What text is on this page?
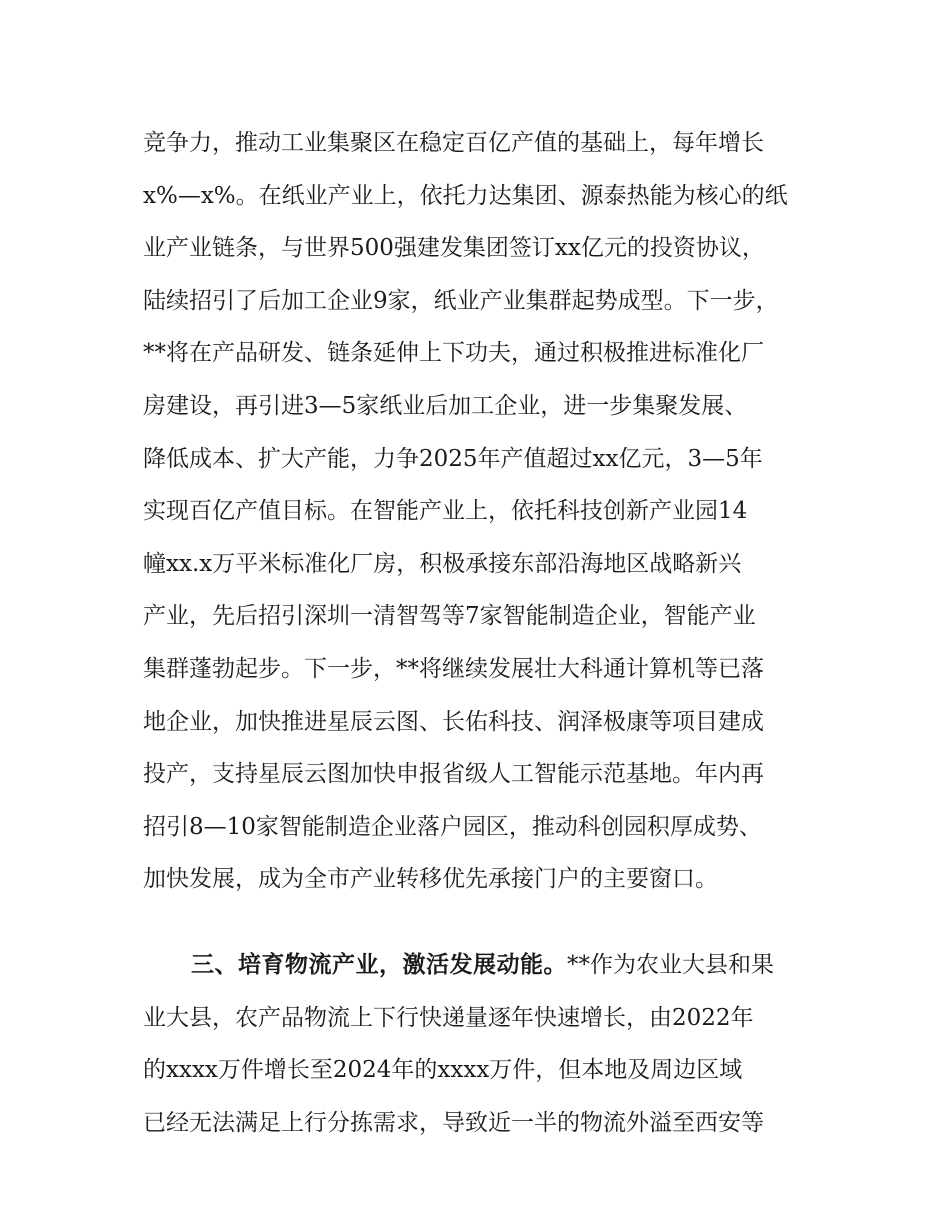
竞争力，推动工业集聚区在稳定百亿产值的基础上，每年增长
x%—x%。在纸业产业上，依托力达集团、源泰热能为核心的纸
业产业链条，与世界500强建发集团签订xx亿元的投资协议，
陆续招引了后加工企业9家，纸业产业集群起势成型。下一步，
**将在产品研发、链条延伸上下功夫，通过积极推进标准化厂
房建设，再引进3—5家纸业后加工企业，进一步集聚发展、
降低成本、扩大产能，力争2025年产值超过xx亿元，3—5年
实现百亿产值目标。在智能产业上，依托科技创新产业园14
幢xx.x万平米标准化厂房，积极承接东部沿海地区战略新兴
产业，先后招引深圳一清智驾等7家智能制造企业，智能产业
集群蓬勃起步。下一步，**将继续发展壮大科通计算机等已落
地企业，加快推进星辰云图、长佑科技、润泽极康等项目建成
投产，支持星辰云图加快申报省级人工智能示范基地。年内再
招引8—10家智能制造企业落户园区，推动科创园积厚成势、
加快发展，成为全市产业转移优先承接门户的主要窗口。
三、培育物流产业，激活发展动能。**作为农业大县和果
业大县，农产品物流上下行快递量逐年快速增长，由2022年
的xxxx万件增长至2024年的xxxx万件，但本地及周边区域
已经无法满足上行分拣需求，导致近一半的物流外溢至西安等
